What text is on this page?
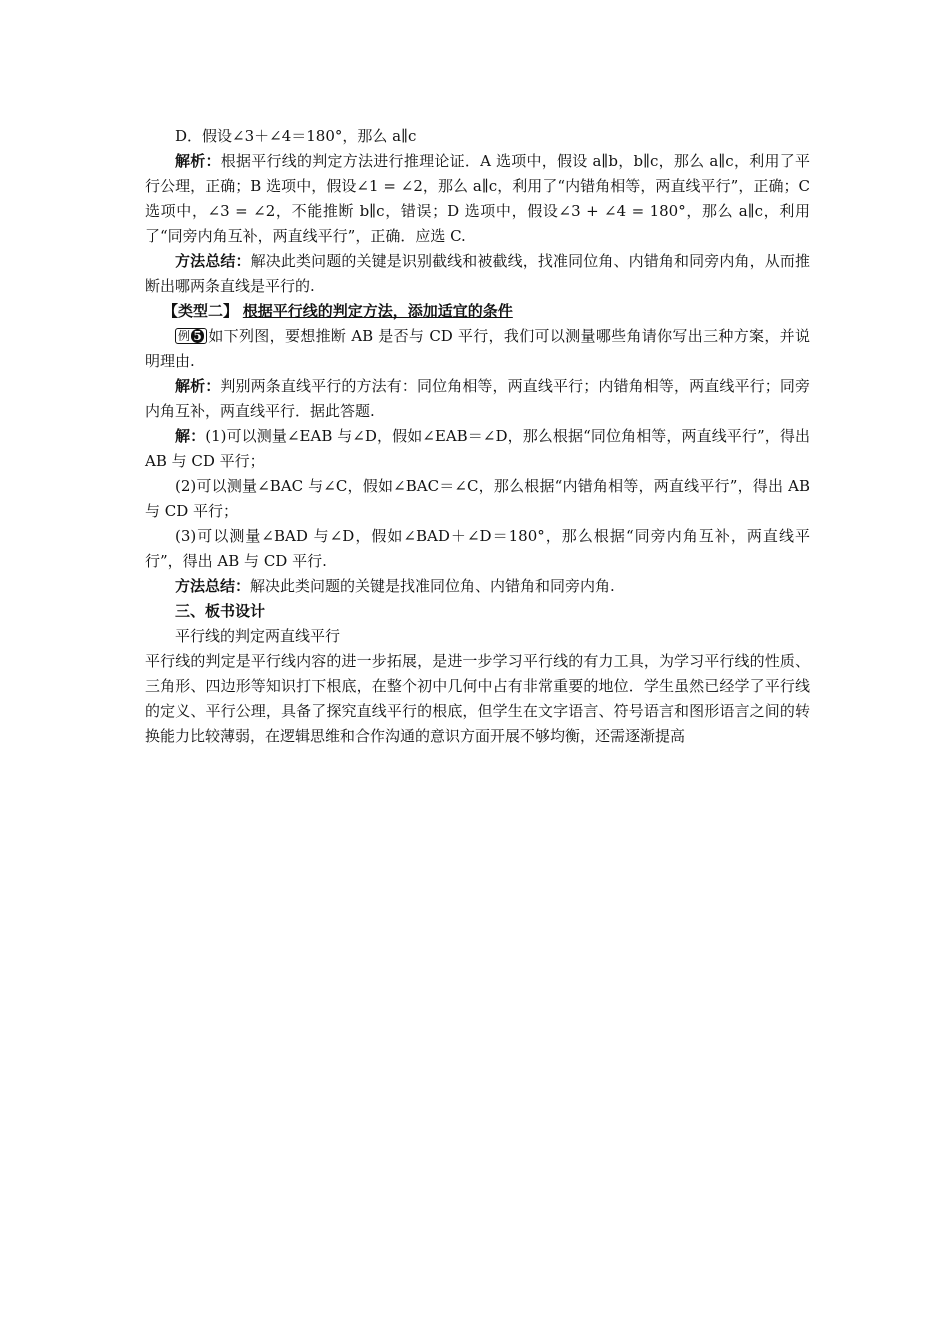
D．假设∠3＋∠4＝180°，那么 a∥c

解析：根据平行线的判定方法进行推理论证．A 选项中，假设 a∥b，b∥c，那么 a∥c，利用了平行公理，正确；B 选项中，假设∠1 = ∠2，那么 a∥c，利用了“内错角相等，两直线平行”，正确；C 选项中，∠3 = ∠2，不能推断 b∥c，错误；D 选项中，假设∠3 + ∠4 = 180°，那么 a∥c，利用了“同旁内角互补，两直线平行”，正确．应选 C.

方法总结：解决此类问题的关键是识别截线和被截线，找准同位角、内错角和同旁内角，从而推断出哪两条直线是平行的.

【类型二】 根据平行线的判定方法，添加适宜的条件

例 5 如下列图，要想推断 AB 是否与 CD 平行，我们可以测量哪些角请你写出三种方案，并说明理由.

解析：判别两条直线平行的方法有：同位角相等，两直线平行；内错角相等，两直线平行；同旁内角互补，两直线平行．据此答题.

解：(1)可以测量∠EAB 与∠D，假如∠EAB＝∠D，那么根据“同位角相等，两直线平行”，得出 AB 与 CD 平行；

(2)可以测量∠BAC 与∠C，假如∠BAC＝∠C，那么根据“内错角相等，两直线平行”，得出 AB 与 CD 平行；

(3)可以测量∠BAD 与∠D，假如∠BAD＋∠D＝180°，那么根据“同旁内角互补，两直线平行”，得出 AB 与 CD 平行.

方法总结：解决此类问题的关键是找准同位角、内错角和同旁内角.

三、板书设计

平行线的判定两直线平行

平行线的判定是平行线内容的进一步拓展，是进一步学习平行线的有力工具，为学习平行线的性质、三角形、四边形等知识打下根底，在整个初中几何中占有非常重要的地位．学生虽然已经学了平行线的定义、平行公理，具备了探究直线平行的根底，但学生在文字语言、符号语言和图形语言之间的转换能力比较薄弱，在逻辑思维和合作沟通的意识方面开展不够均衡，还需逐渐提高
